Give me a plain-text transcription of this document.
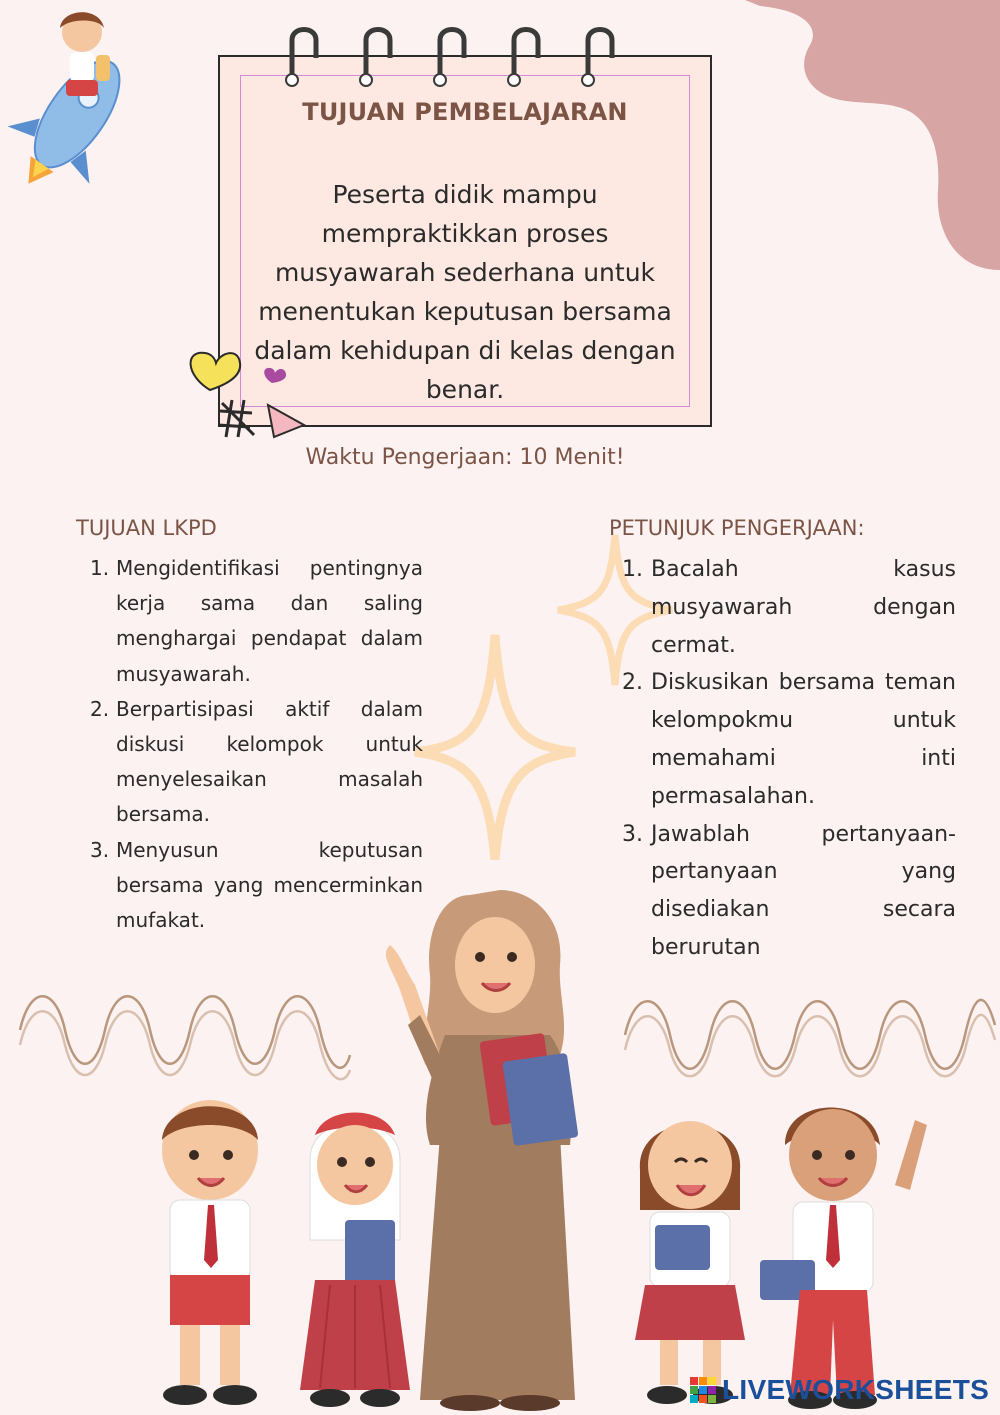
TUJUAN PEMBELAJARAN
Peserta didik mampu mempraktikkan proses musyawarah sederhana untuk menentukan keputusan bersama dalam kehidupan di kelas dengan benar.
Waktu Pengerjaan: 10 Menit!
TUJUAN LKPD
1. Mengidentifikasi pentingnya kerja sama dan saling menghargai pendapat dalam musyawarah.
2. Berpartisipasi aktif dalam diskusi kelompok untuk menyelesaikan masalah bersama.
3. Menyusun keputusan bersama yang mencerminkan mufakat.
PETUNJUK PENGERJAAN:
1. Bacalah kasus musyawarah dengan cermat.
2. Diskusikan bersama teman kelompokmu untuk memahami inti permasalahan.
3. Jawablah pertanyaan-pertanyaan yang disediakan secara berurutan
LIVEWORKSHEETS
